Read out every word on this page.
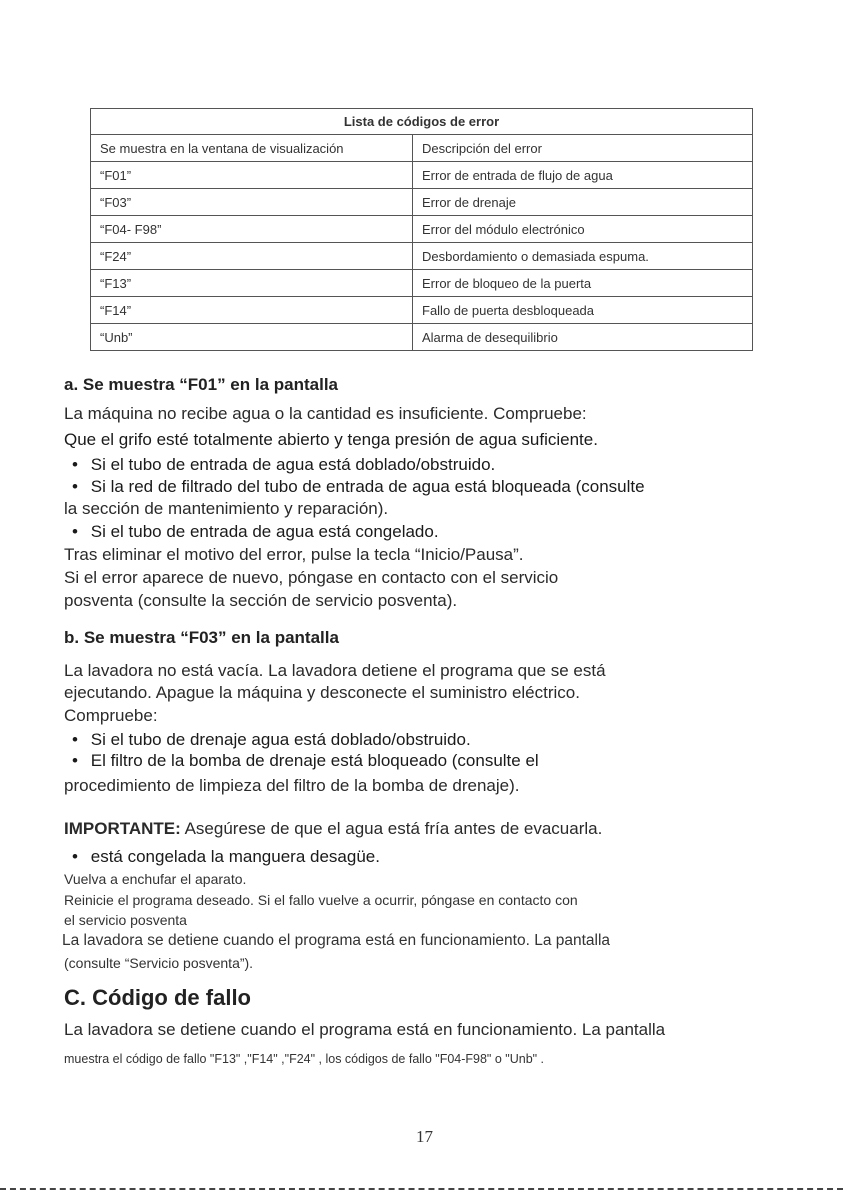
Lista de códigos de error	
Se muestra en la ventana de visualización	Descripción del error
“F01”	Error de entrada de flujo de agua
“F03”	Error de drenaje
“F04- F98”	Error del módulo electrónico
“F24”	Desbordamiento o demasiada espuma.
“F13”	Error de bloqueo de la puerta
“F14”	Fallo de puerta desbloqueada
“Unb”	Alarma de desequilibrio
a. Se muestra “F01” en la pantalla
La máquina no recibe agua o la cantidad es insuficiente. Compruebe:
Que el grifo esté totalmente abierto y tenga presión de agua suficiente.
• Si el tubo de entrada de agua está doblado/obstruido.
• Si la red de filtrado del tubo de entrada de agua está bloqueada (consulte
la sección de mantenimiento y reparación).
• Si el tubo de entrada de agua está congelado.
Tras eliminar el motivo del error, pulse la tecla “Inicio/Pausa”.
Si el error aparece de nuevo, póngase en contacto con el servicio
posventa (consulte la sección de servicio posventa).
b. Se muestra “F03” en la pantalla
La lavadora no está vacía. La lavadora detiene el programa que se está
ejecutando. Apague la máquina y desconecte el suministro eléctrico.
Compruebe:
• Si el tubo de drenaje agua está doblado/obstruido.
• El filtro de la bomba de drenaje está bloqueado (consulte el
procedimiento de limpieza del filtro de la bomba de drenaje).
IMPORTANTE: Asegúrese de que el agua está fría antes de evacuarla.
• está congelada la manguera desagüe.
Vuelva a enchufar el aparato.
Reinicie el programa deseado. Si el fallo vuelve a ocurrir, póngase en contacto con
el servicio posventa
La lavadora se detiene cuando el programa está en funcionamiento. La pantalla
(consulte “Servicio posventa”).
C. Código de fallo
La lavadora se detiene cuando el programa está en funcionamiento. La pantalla
muestra el código de fallo "F13" ,"F14" ,"F24" , los códigos de fallo "F04-F98" o "Unb" .
17
